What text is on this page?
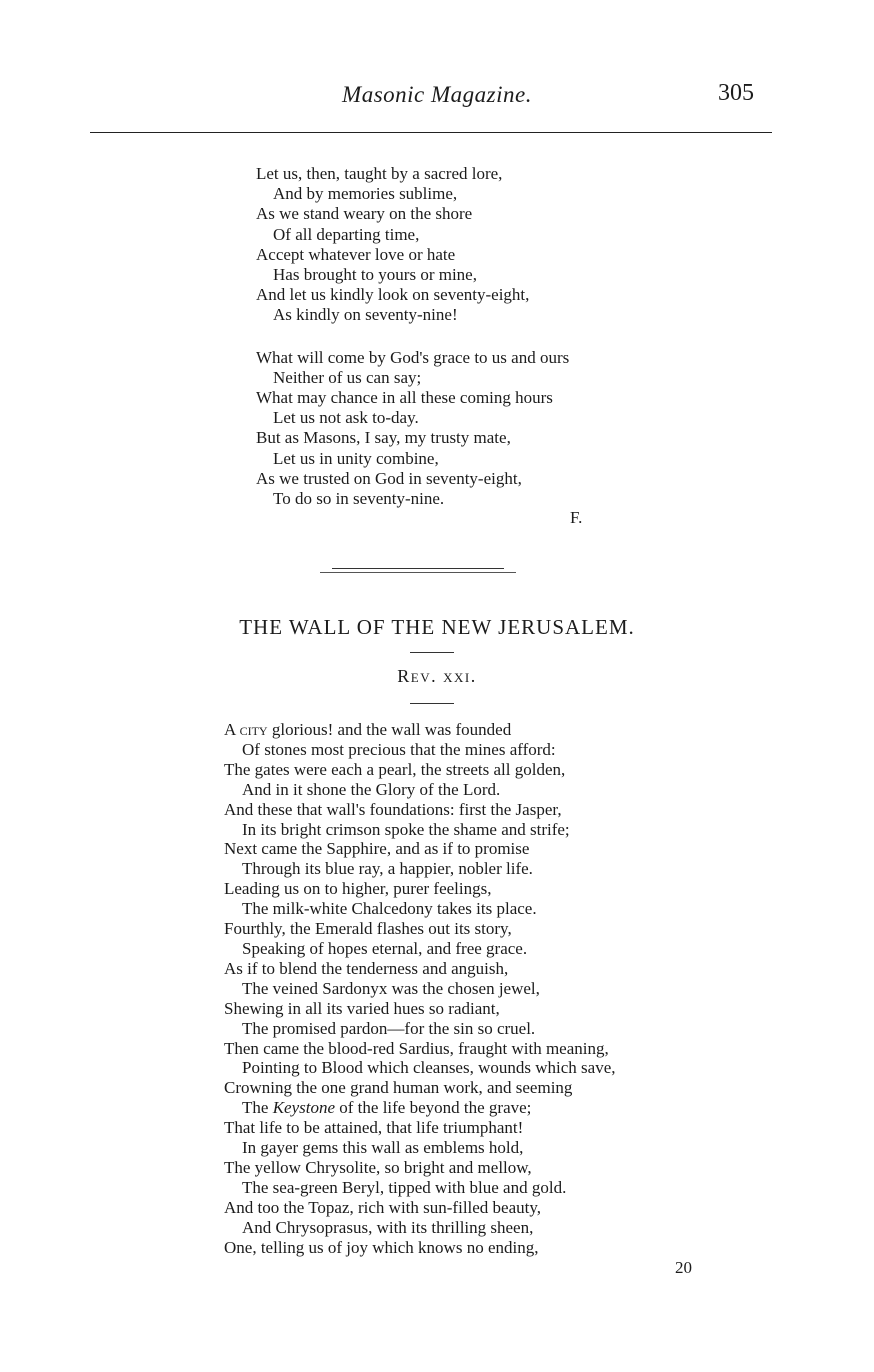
Masonic Magazine.	305
Let us, then, taught by a sacred lore,
And by memories sublime,
As we stand weary on the shore
Of all departing time,
Accept whatever love or hate
Has brought to yours or mine,
And let us kindly look on seventy-eight,
As kindly on seventy-nine!
What will come by God's grace to us and ours
Neither of us can say;
What may chance in all these coming hours
Let us not ask to-day.
But as Masons, I say, my trusty mate,
Let us in unity combine,
As we trusted on God in seventy-eight,
To do so in seventy-nine.
F.
THE WALL OF THE NEW JERUSALEM.
Rev. xxi.
A city glorious! and the wall was founded
Of stones most precious that the mines afford:
The gates were each a pearl, the streets all golden,
And in it shone the Glory of the Lord.
And these that wall's foundations: first the Jasper,
In its bright crimson spoke the shame and strife;
Next came the Sapphire, and as if to promise
Through its blue ray, a happier, nobler life.
Leading us on to higher, purer feelings,
The milk-white Chalcedony takes its place.
Fourthly, the Emerald flashes out its story,
Speaking of hopes eternal, and free grace.
As if to blend the tenderness and anguish,
The veined Sardonyx was the chosen jewel,
Shewing in all its varied hues so radiant,
The promised pardon—for the sin so cruel.
Then came the blood-red Sardius, fraught with meaning,
Pointing to Blood which cleanses, wounds which save,
Crowning the one grand human work, and seeming
The Keystone of the life beyond the grave;
That life to be attained, that life triumphant!
In gayer gems this wall as emblems hold,
The yellow Chrysolite, so bright and mellow,
The sea-green Beryl, tipped with blue and gold.
And too the Topaz, rich with sun-filled beauty,
And Chrysoprasus, with its thrilling sheen,
One, telling us of joy which knows no ending,
20
